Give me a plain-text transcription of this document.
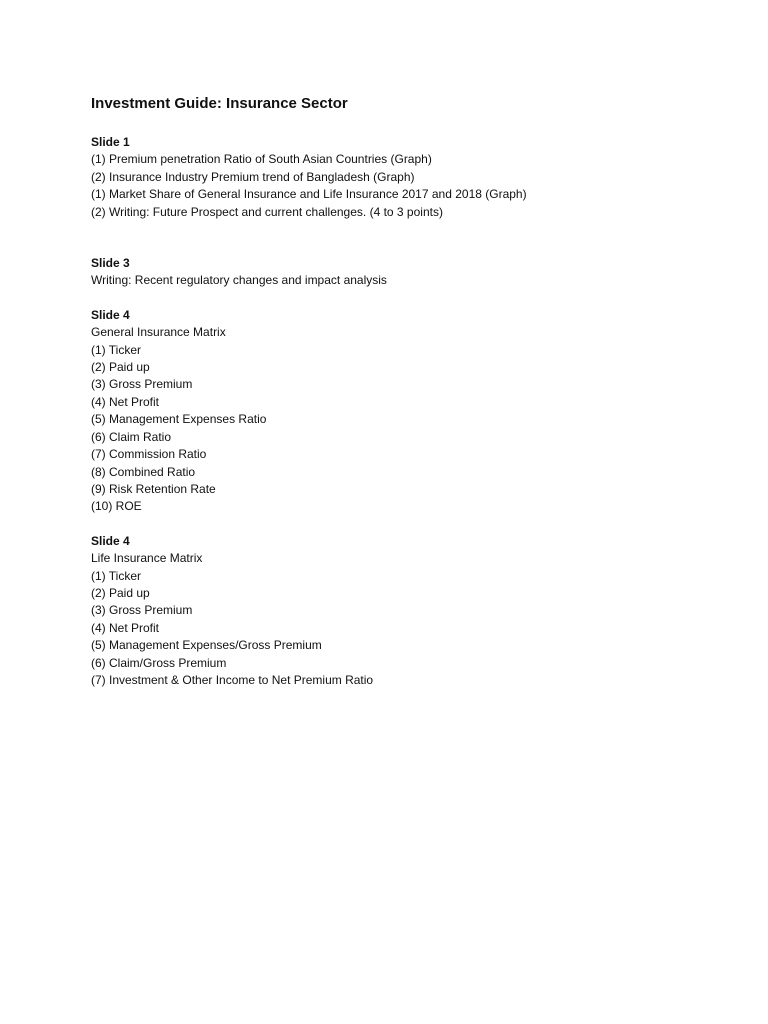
Investment Guide: Insurance Sector
Slide 1
(1) Premium penetration Ratio of South Asian Countries (Graph)
(2) Insurance Industry Premium trend of Bangladesh (Graph)
(1) Market Share of General Insurance and Life Insurance 2017 and 2018 (Graph)
(2) Writing: Future Prospect and current challenges. (4 to 3 points)
Slide 3
Writing: Recent regulatory changes and impact analysis
Slide 4
General Insurance Matrix
(1) Ticker
(2) Paid up
(3) Gross Premium
(4) Net Profit
(5) Management Expenses Ratio
(6) Claim Ratio
(7) Commission Ratio
(8) Combined Ratio
(9) Risk Retention Rate
(10) ROE
Slide 4
Life Insurance Matrix
(1) Ticker
(2) Paid up
(3) Gross Premium
(4) Net Profit
(5) Management Expenses/Gross Premium
(6) Claim/Gross Premium
(7) Investment & Other Income to Net Premium Ratio
